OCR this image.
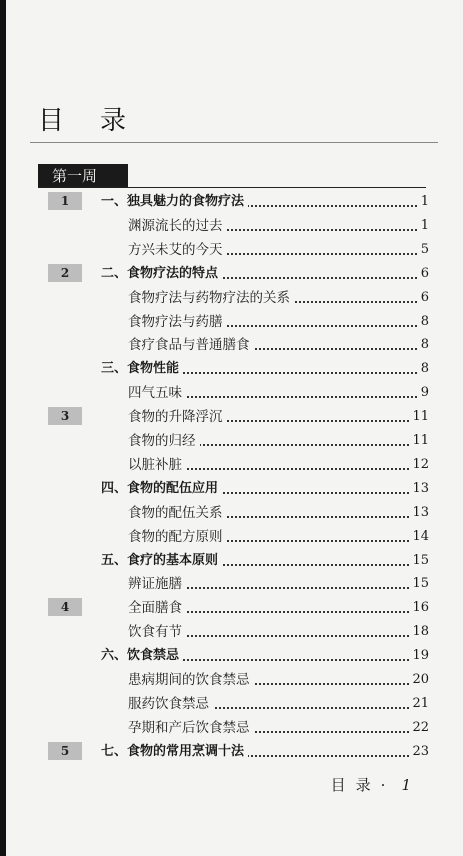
目录
第一周
1	一、独具魅力的食物疗法	1
渊源流长的过去	1
方兴未艾的今天	5
2	二、食物疗法的特点	6
食物疗法与药物疗法的关系	6
食物疗法与药膳	8
食疗食品与普通膳食	8
三、食物性能	8
四气五味	9
3	食物的升降浮沉	11
食物的归经	11
以脏补脏	12
四、食物的配伍应用	13
食物的配伍关系	13
食物的配方原则	14
五、食疗的基本原则	15
辨证施膳	15
4	全面膳食	16
饮食有节	18
六、饮食禁忌	19
患病期间的饮食禁忌	20
服药饮食禁忌	21
孕期和产后饮食禁忌	22
5	七、食物的常用烹调十法	23
目录· 1
